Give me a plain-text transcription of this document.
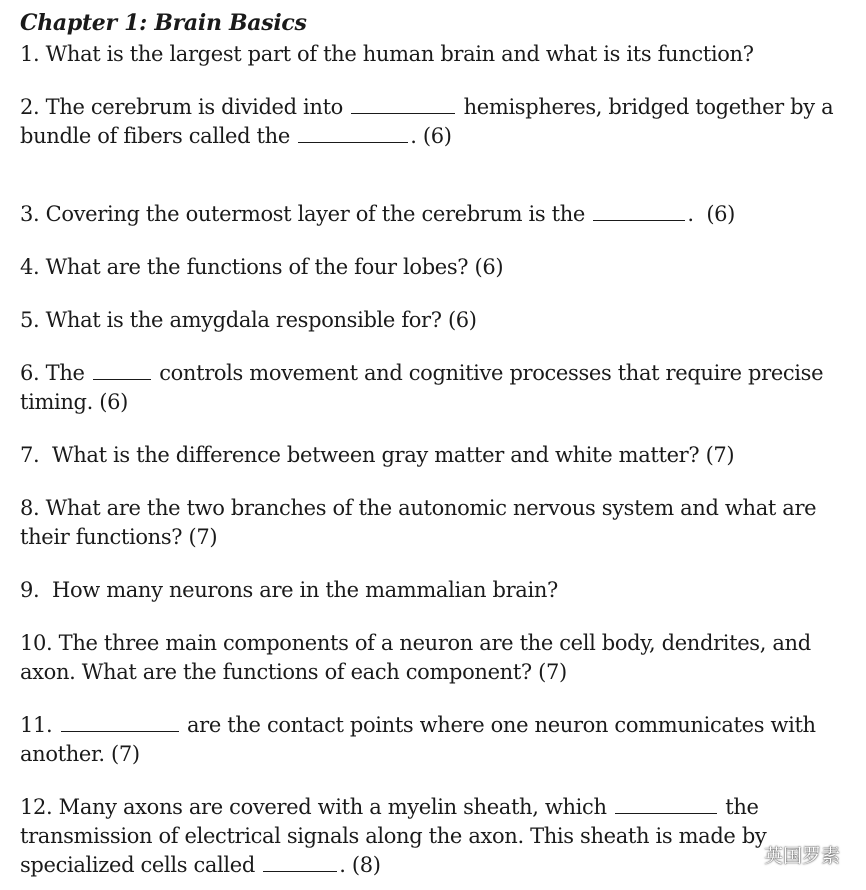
Chapter 1: Brain Basics
1. What is the largest part of the human brain and what is its function?
2. The cerebrum is divided into	hemispheres, bridged together by a
bundle of fibers called the	. (6)
3. Covering the outermost layer of the cerebrum is the	.  (6)
4. What are the functions of the four lobes? (6)
5. What is the amygdala responsible for? (6)
6. The	controls movement and cognitive processes that require precise
timing. (6)
7.  What is the difference between gray matter and white matter? (7)
8. What are the two branches of the autonomic nervous system and what are
their functions? (7)
9.  How many neurons are in the mammalian brain?
10. The three main components of a neuron are the cell body, dendrites, and
axon. What are the functions of each component? (7)
11.	are the contact points where one neuron communicates with
another. (7)
12. Many axons are covered with a myelin sheath, which	the
transmission of electrical signals along the axon. This sheath is made by
specialized cells called	. (8)	英国罗素
